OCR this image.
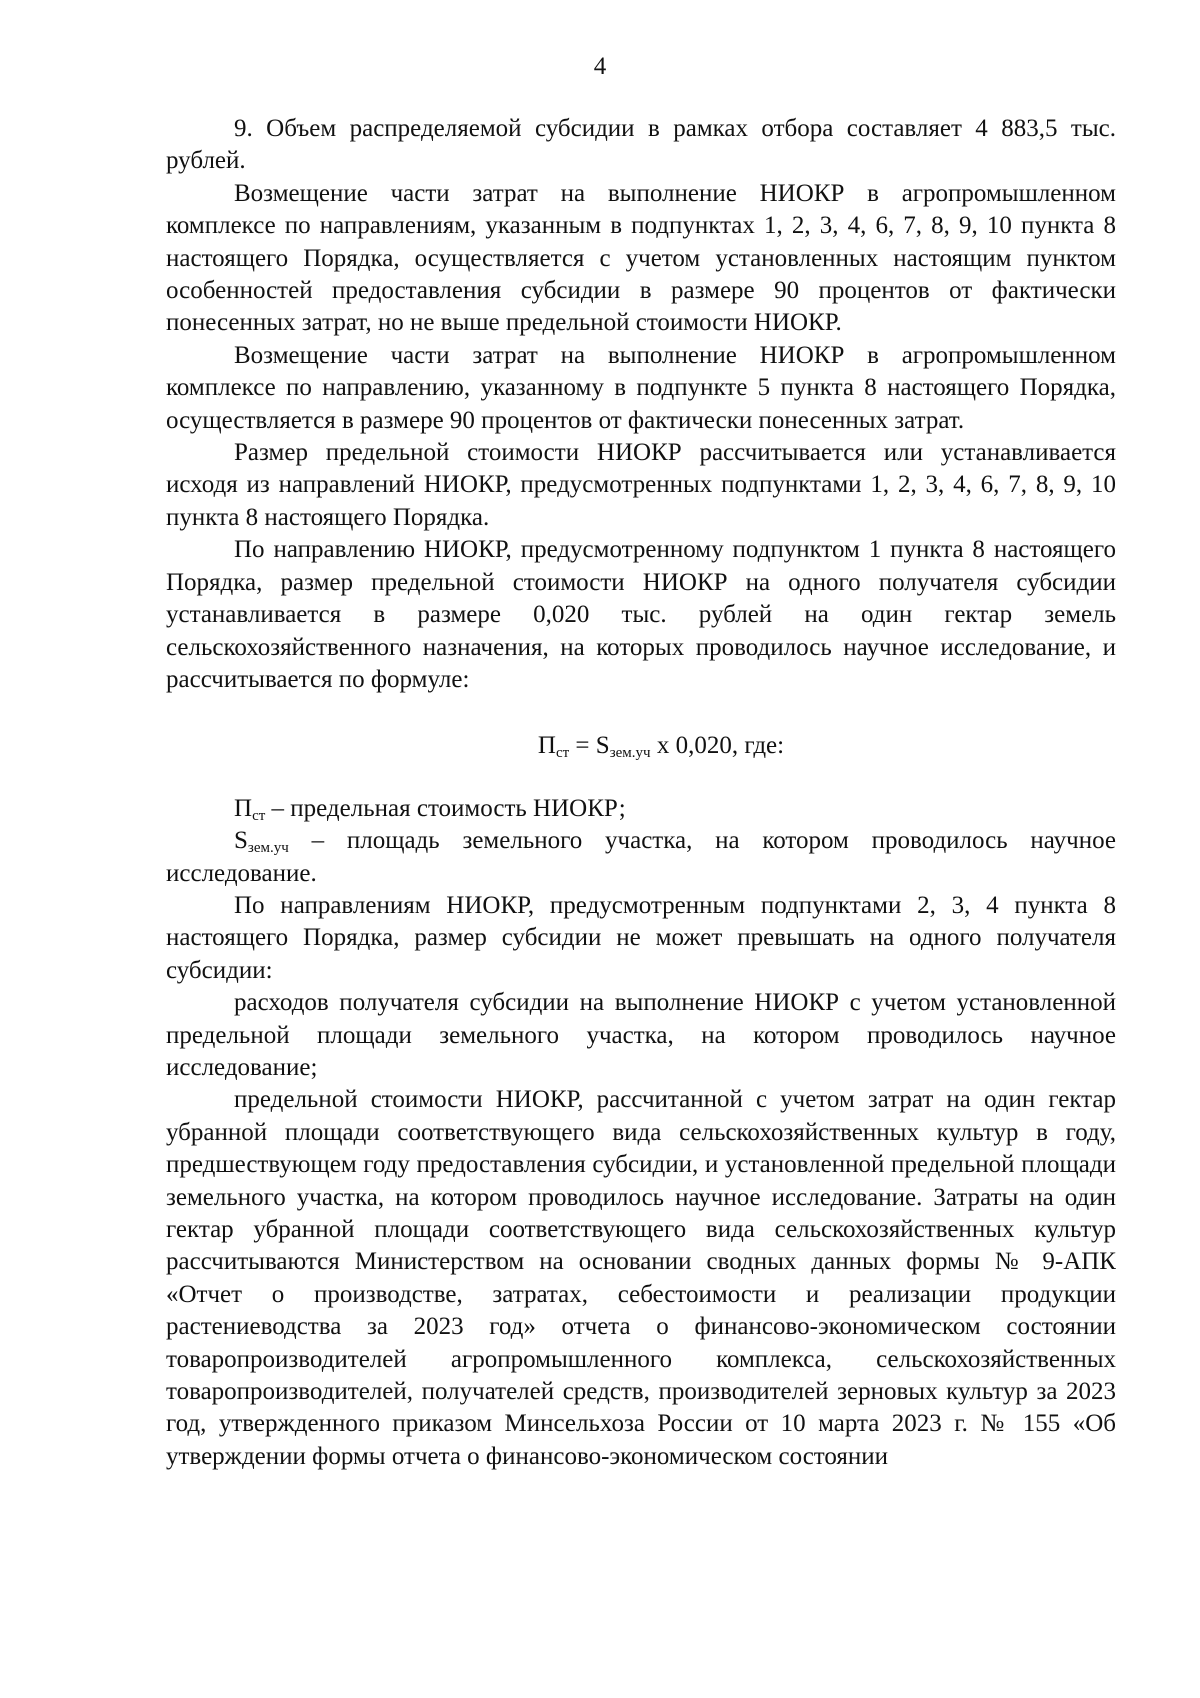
4

9. Объем распределяемой субсидии в рамках отбора составляет 4 883,5 тыс. рублей.

Возмещение части затрат на выполнение НИОКР в агропромышленном комплексе по направлениям, указанным в подпунктах 1, 2, 3, 4, 6, 7, 8, 9, 10 пункта 8 настоящего Порядка, осуществляется с учетом установленных настоящим пунктом особенностей предоставления субсидии в размере 90 процентов от фактически понесенных затрат, но не выше предельной стоимости НИОКР.

Возмещение части затрат на выполнение НИОКР в агропромышленном комплексе по направлению, указанному в подпункте 5 пункта 8 настоящего Порядка, осуществляется в размере 90 процентов от фактически понесенных затрат.

Размер предельной стоимости НИОКР рассчитывается или устанавливается исходя из направлений НИОКР, предусмотренных подпунктами 1, 2, 3, 4, 6, 7, 8, 9, 10 пункта 8 настоящего Порядка.

По направлению НИОКР, предусмотренному подпунктом 1 пункта 8 настоящего Порядка, размер предельной стоимости НИОКР на одного получателя субсидии устанавливается в размере 0,020 тыс. рублей на один гектар земель сельскохозяйственного назначения, на которых проводилось научное исследование, и рассчитывается по формуле:

$П_{ст} = S_{зем.уч}$ х 0,020, где:

$П_{ст}$ – предельная стоимость НИОКР;

$S_{зем.уч}$ – площадь земельного участка, на котором проводилось научное исследование.

По направлениям НИОКР, предусмотренным подпунктами 2, 3, 4 пункта 8 настоящего Порядка, размер субсидии не может превышать на одного получателя субсидии:

расходов получателя субсидии на выполнение НИОКР с учетом установленной предельной площади земельного участка, на котором проводилось научное исследование;

предельной стоимости НИОКР, рассчитанной с учетом затрат на один гектар убранной площади соответствующего вида сельскохозяйственных культур в году, предшествующем году предоставления субсидии, и установленной предельной площади земельного участка, на котором проводилось научное исследование. Затраты на один гектар убранной площади соответствующего вида сельскохозяйственных культур рассчитываются Министерством на основании сводных данных формы № 9-АПК «Отчет о производстве, затратах, себестоимости и реализации продукции растениеводства за 2023 год» отчета о финансово-экономическом состоянии товаропроизводителей агропромышленного комплекса, сельскохозяйственных товаропроизводителей, получателей средств, производителей зерновых культур за 2023 год, утвержденного приказом Минсельхоза России от 10 марта 2023 г. № 155 «Об утверждении формы отчета о финансово-экономическом состоянии
